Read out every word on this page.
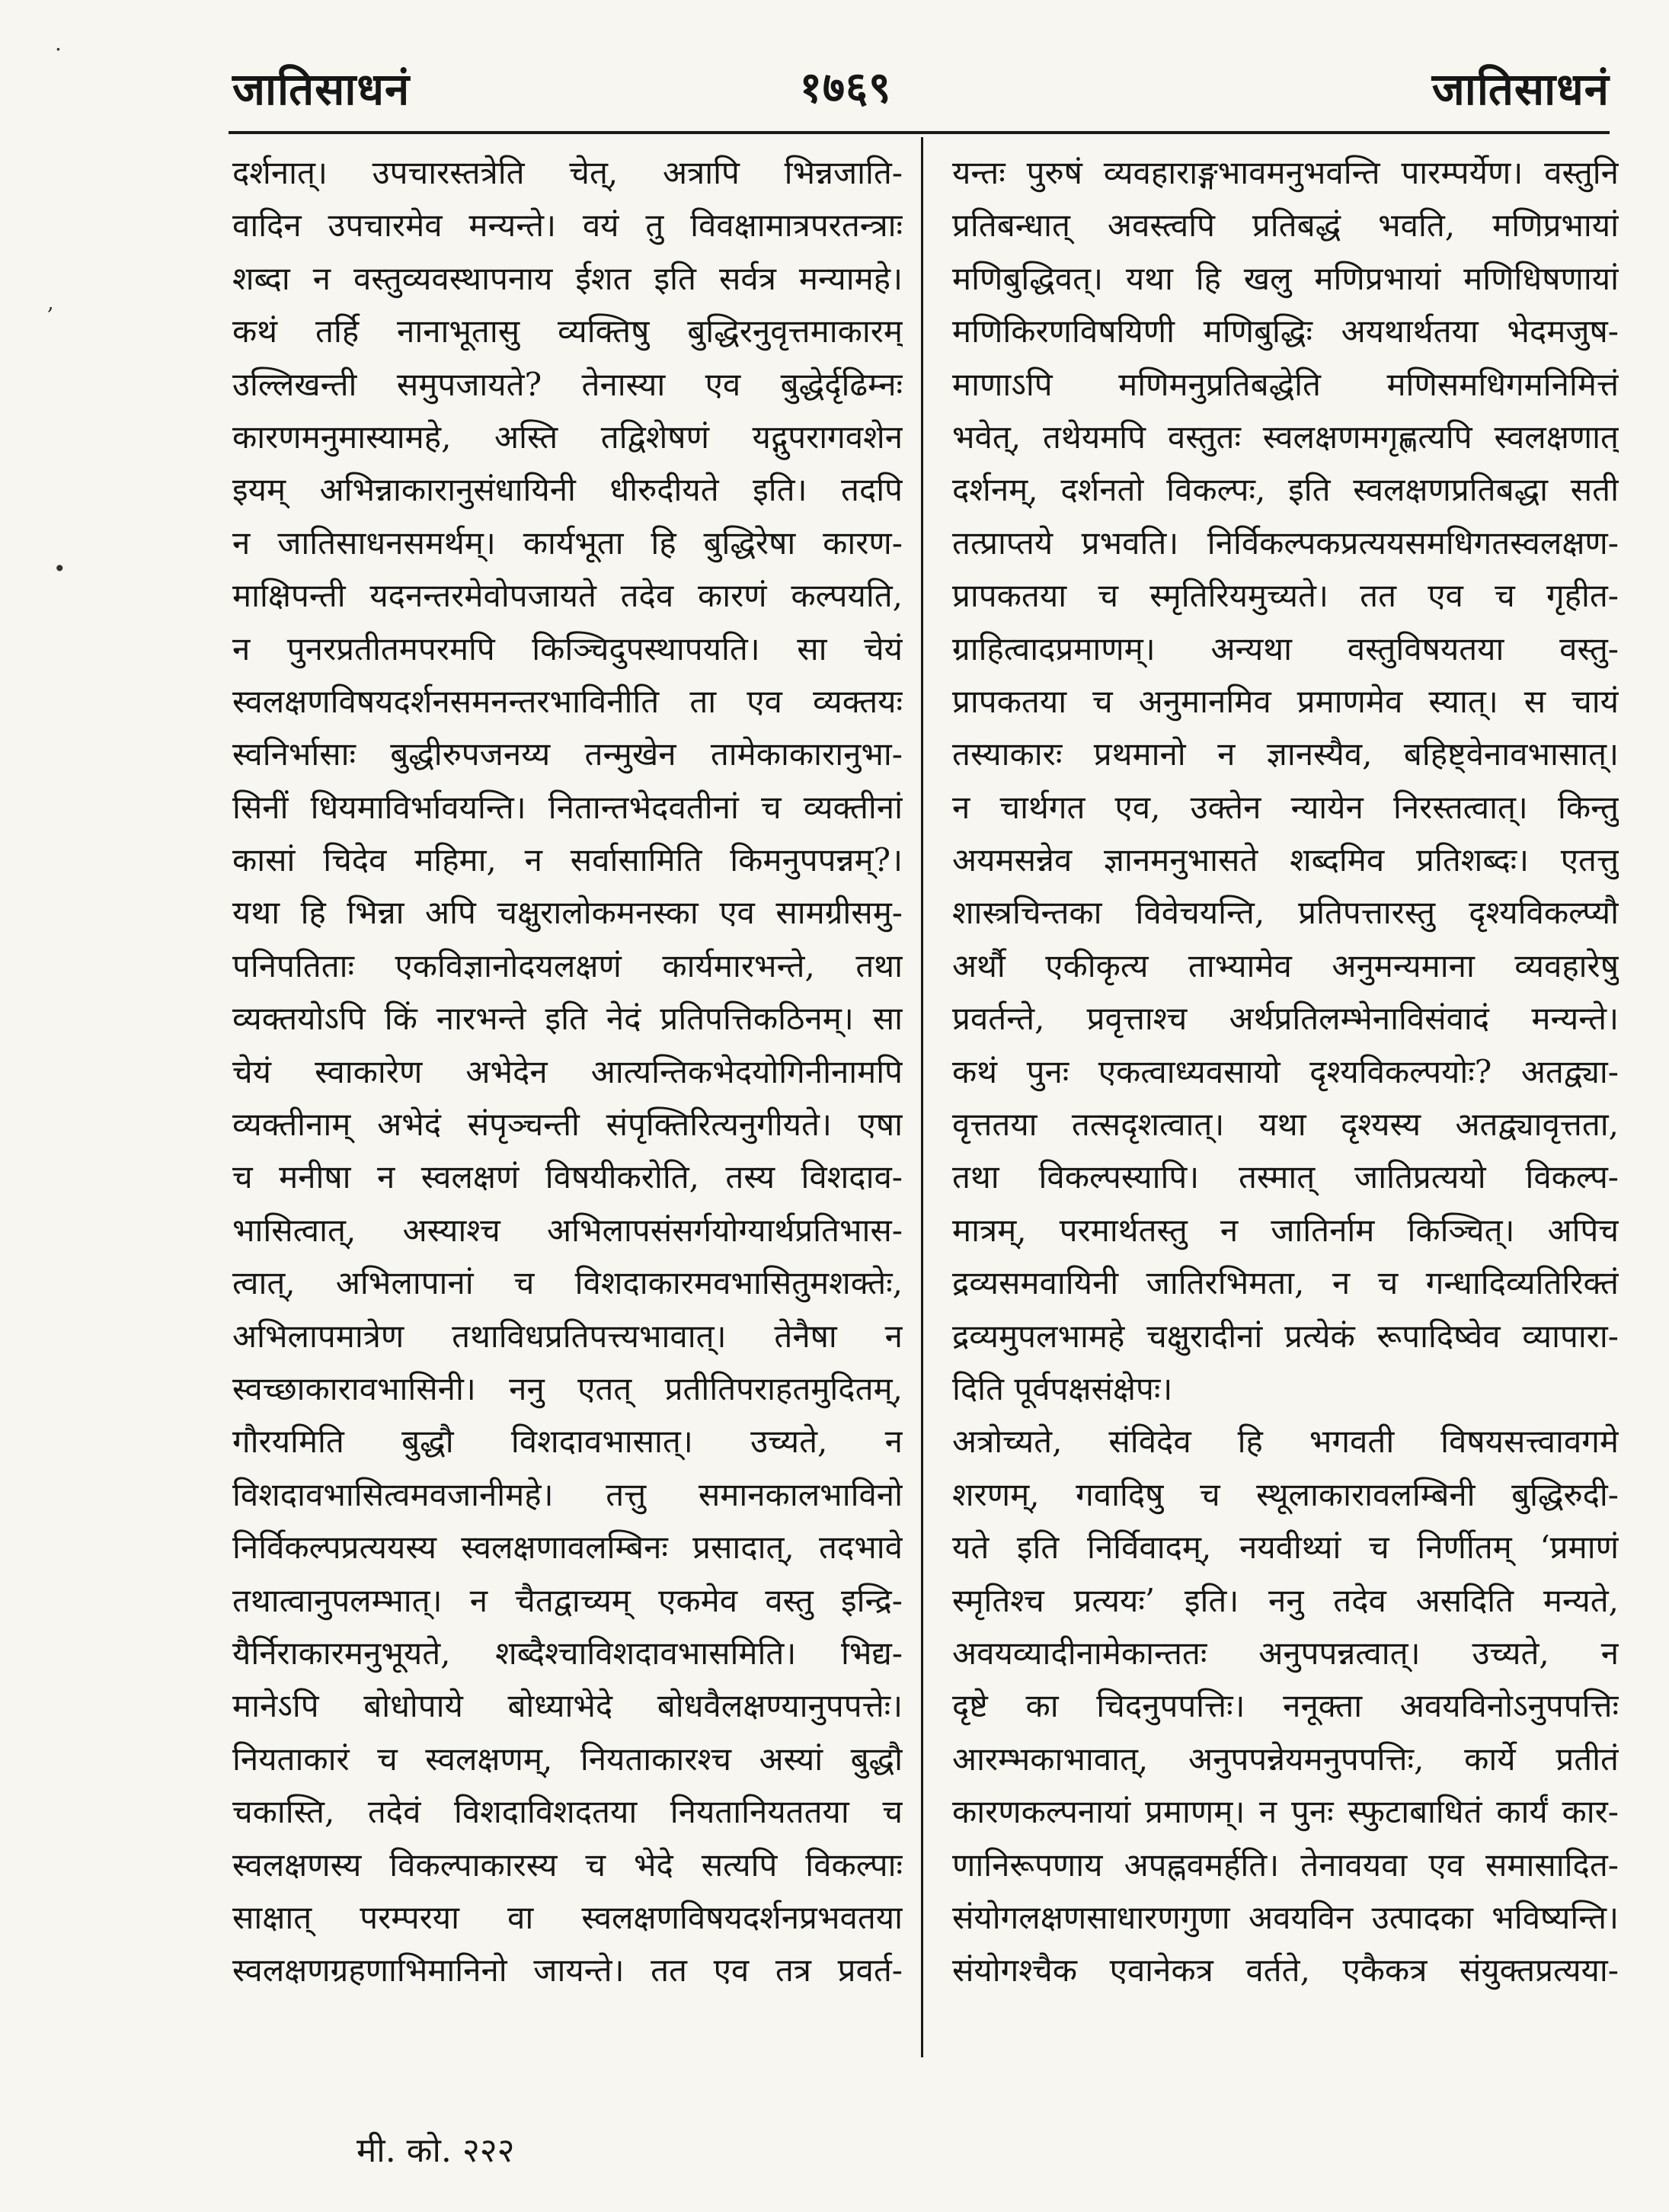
जातिसाधनं	१७६९	जातिसाधनं
दर्शनात्। उपचारस्तत्रेति चेत्, अत्रापि भिन्नजाति-
वादिन उपचारमेव मन्यन्ते। वयं तु विवक्षामात्रपरतन्त्राः
शब्दा न वस्तुव्यवस्थापनाय ईशत इति सर्वत्र मन्यामहे।
कथं तर्हि नानाभूतासु व्यक्तिषु बुद्धिरनुवृत्तमाकारम्
उल्लिखन्ती समुपजायते? तेनास्या एव बुद्धेर्दृढिम्नः
कारणमनुमास्यामहे, अस्ति तद्विशेषणं यद्गुपरागवशेन
इयम् अभिन्नाकारानुसंधायिनी धीरुदीयते इति। तदपि
न जातिसाधनसमर्थम्। कार्यभूता हि बुद्धिरेषा कारण-
माक्षिपन्ती यदनन्तरमेवोपजायते तदेव कारणं कल्पयति,
न पुनरप्रतीतमपरमपि किञ्चिदुपस्थापयति। सा चेयं
स्वलक्षणविषयदर्शनसमनन्तरभाविनीति ता एव व्यक्तयः
स्वनिर्भासाः बुद्धीरुपजनय्य तन्मुखेन तामेकाकारानुभा-
सिनीं धियमाविर्भावयन्ति। नितान्तभेदवतीनां च व्यक्तीनां
कासां चिदेव महिमा, न सर्वासामिति किमनुपपन्नम्?।
यथा हि भिन्ना अपि चक्षुरालोकमनस्का एव सामग्रीसमु-
पनिपतिताः एकविज्ञानोदयलक्षणं कार्यमारभन्ते, तथा
व्यक्तयोऽपि किं नारभन्ते इति नेदं प्रतिपत्तिकठिनम्। सा
चेयं स्वाकारेण अभेदेन आत्यन्तिकभेदयोगिनीनामपि
व्यक्तीनाम् अभेदं संपृञ्चन्ती संपृक्तिरित्यनुगीयते। एषा
च मनीषा न स्वलक्षणं विषयीकरोति, तस्य विशदाव-
भासित्वात्, अस्याश्च अभिलापसंसर्गयोग्यार्थप्रतिभास-
त्वात्, अभिलापानां च विशदाकारमवभासितुमशक्तेः,
अभिलापमात्रेण तथाविधप्रतिपत्त्यभावात्। तेनैषा न
स्वच्छाकारावभासिनी। ननु एतत् प्रतीतिपराहतमुदितम्,
गौरयमिति बुद्धौ विशदावभासात्। उच्यते, न
विशदावभासित्वमवजानीमहे। तत्तु समानकालभाविनो
निर्विकल्पप्रत्ययस्य स्वलक्षणावलम्बिनः प्रसादात्, तदभावे
तथात्वानुपलम्भात्। न चैतद्वाच्यम् एकमेव वस्तु इन्द्रि-
यैर्निराकारमनुभूयते, शब्दैश्चाविशदावभासमिति। भिद्य-
मानेऽपि बोधोपाये बोध्याभेदे बोधवैलक्षण्यानुपपत्तेः।
नियताकारं च स्वलक्षणम्, नियताकारश्च अस्यां बुद्धौ
चकास्ति, तदेवं विशदाविशदतया नियतानियततया च
स्वलक्षणस्य विकल्पाकारस्य च भेदे सत्यपि विकल्पाः
साक्षात् परम्परया वा स्वलक्षणविषयदर्शनप्रभवतया
स्वलक्षणग्रहणाभिमानिनो जायन्ते। तत एव तत्र प्रवर्त-
यन्तः पुरुषं व्यवहाराङ्गभावमनुभवन्ति पारम्पर्येण। वस्तुनि
प्रतिबन्धात् अवस्त्वपि प्रतिबद्धं भवति, मणिप्रभायां
मणिबुद्धिवत्। यथा हि खलु मणिप्रभायां मणिधिषणायां
मणिकिरणविषयिणी मणिबुद्धिः अयथार्थतया भेदमजुष-
माणाऽपि मणिमनुप्रतिबद्धेति मणिसमधिगमनिमित्तं
भवेत्, तथेयमपि वस्तुतः स्वलक्षणमगृह्णत्यपि स्वलक्षणात्
दर्शनम्, दर्शनतो विकल्पः, इति स्वलक्षणप्रतिबद्धा सती
तत्प्राप्तये प्रभवति। निर्विकल्पकप्रत्ययसमधिगतस्वलक्षण-
प्रापकतया च स्मृतिरियमुच्यते। तत एव च गृहीत-
ग्राहित्वादप्रमाणम्। अन्यथा वस्तुविषयतया वस्तु-
प्रापकतया च अनुमानमिव प्रमाणमेव स्यात्। स चायं
तस्याकारः प्रथमानो न ज्ञानस्यैव, बहिष्ट्वेनावभासात्।
न चार्थगत एव, उक्तेन न्यायेन निरस्तत्वात्। किन्तु
अयमसन्नेव ज्ञानमनुभासते शब्दमिव प्रतिशब्दः। एतत्तु
शास्त्रचिन्तका विवेचयन्ति, प्रतिपत्तारस्तु दृश्यविकल्प्यौ
अर्थौ एकीकृत्य ताभ्यामेव अनुमन्यमाना व्यवहारेषु
प्रवर्तन्ते, प्रवृत्ताश्च अर्थप्रतिलम्भेनाविसंवादं मन्यन्ते।
कथं पुनः एकत्वाध्यवसायो दृश्यविकल्पयोः? अतद्व्या-
वृत्ततया तत्सदृशत्वात्। यथा दृश्यस्य अतद्व्यावृत्तता,
तथा विकल्पस्यापि। तस्मात् जातिप्रत्ययो विकल्प-
मात्रम्, परमार्थतस्तु न जातिर्नाम किञ्चित्। अपिच
द्रव्यसमवायिनी जातिरभिमता, न च गन्धादिव्यतिरिक्तं
द्रव्यमुपलभामहे चक्षुरादीनां प्रत्येकं रूपादिष्वेव व्यापारा-
दिति पूर्वपक्षसंक्षेपः।
अत्रोच्यते, संविदेव हि भगवती विषयसत्त्वावगमे
शरणम्, गवादिषु च स्थूलाकारावलम्बिनी बुद्धिरुदी-
यते इति निर्विवादम्, नयवीथ्यां च निर्णीतम् ‘प्रमाणं
स्मृतिश्च प्रत्ययः’ इति। ननु तदेव असदिति मन्यते,
अवयव्यादीनामेकान्ततः अनुपपन्नत्वात्। उच्यते, न
दृष्टे का चिदनुपपत्तिः। ननूक्ता अवयविनोऽनुपपत्तिः
आरम्भकाभावात्, अनुपपन्नेयमनुपपत्तिः, कार्ये प्रतीतं
कारणकल्पनायां प्रमाणम्। न पुनः स्फुटाबाधितं कार्यं कार-
णानिरूपणाय अपह्नवमर्हति। तेनावयवा एव समासादित-
संयोगलक्षणसाधारणगुणा अवयविन उत्पादका भविष्यन्ति।
संयोगश्चैक एवानेकत्र वर्तते, एकैकत्र संयुक्तप्रत्यया-
मी. को. २२२
.
,
•
